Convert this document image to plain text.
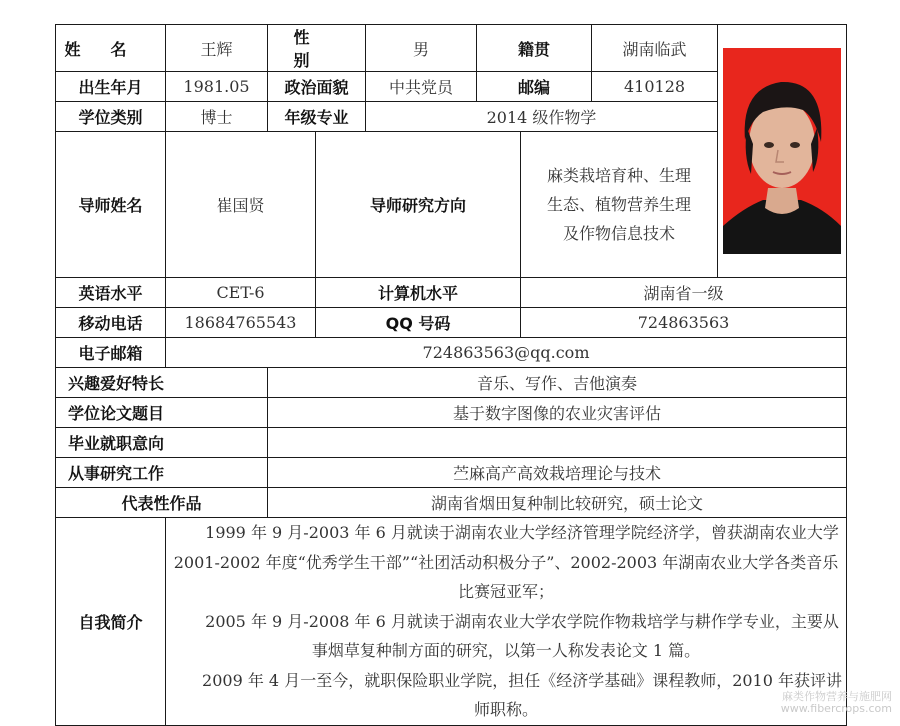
姓名	王辉	性别		男	籍贯		湖南临武	

出生年月	1981.05	政治面貌		中共党员	邮编		410128	
学位类别	博士	年级专业		2014 级作物学				
导师姓名	崔国贤		导师研究方向			麻类栽培育种、生理
生态、植物营养生理
及作物信息技术		

英语水平	CET-6		计算机水平			湖南省一级		
移动电话	18684765543		QQ 号码			724863563		
电子邮箱	724863563@qq.com							
兴趣爱好特长		音乐、写作、吉他演奏						
学位论文题目		基于数字图像的农业灾害评估						
毕业就职意向								
从事研究工作		苎麻高产高效栽培理论与技术						
代表性作品		湖南省烟田复种制比较研究，硕士论文						
自我简介	1999 年 9 月-2003 年 6 月就读于湖南农业大学经济管理学院经济学，曾获湖南农业大学 2001-2002 年度“优秀学生干部”“社团活动积极分子”、2002-2003 年湖南农业大学各类音乐比赛冠亚军；

2005 年 9 月-2008 年 6 月就读于湖南农业大学农学院作物栽培学与耕作学专业，主要从事烟草复种制方面的研究，以第一人称发表论文 1 篇。

2009 年 4 月一至今，就职保险职业学院，担任《经济学基础》课程教师，2010 年获评讲师职称。							

麻类作物营养与施肥网
www.fibercrops.com
